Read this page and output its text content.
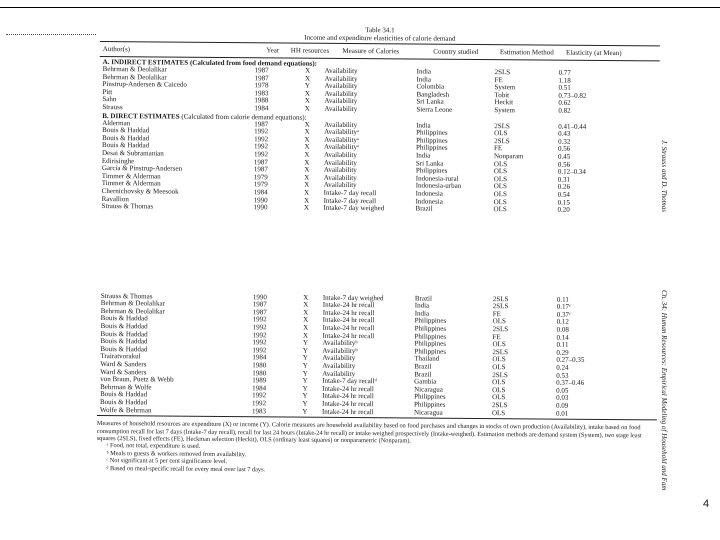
Table 34.1
Income and expenditure elasticities of calorie demand
Author(s)	Year	HH resources	Measure of Calories	Country studied	Estimation Method	Elasticity (at Mean)
A. INDIRECT ESTIMATES (Calculated from food demand equations):
Behrman & Deolalikar	1987	X	Availability	India	2SLS	0.77
Behrman & Deolalikar	1987	X	Availability	India	FE	1.18
Pinstrup-Andersen & Caicedo	1978	Y	Availability	Colombia	System	0.51
Pitt	1983	X	Availability	Bangladesh	Tobit	0.73–0.82
Sahn	1988	X	Availability	Sri Lanka	Heckit	0.62
Strauss	1984	X	Availability	Sierra Leone	System	0.82
B. DIRECT ESTIMATES (Calculated from calorie demand equations):
Alderman	1987	X	Availability	India	2SLS	0.41–0.44
Bouis & Haddad	1992	X	Availabilityᵃ	Philippines	OLS	0.43
Bouis & Haddad	1992	X	Availabilityᵃ	Philippines	2SLS	0.32
Bouis & Haddad	1992	X	Availabilityᵃ	Philippines	FE	0.56
Desai & Subramanian	1992	X	Availability	India	Nonparam	0.45
Edirisinghe	1987	X	Availability	Sri Lanka	OLS	0.56
Garcia & Pinstrup-Andersen	1987	X	Availability	Philippines	OLS	0.12–0.34
Timmer & Alderman	1979	X	Availability	Indonesia-rural	OLS	0.31
Timmer & Alderman	1979	X	Availability	Indonesia-urban	OLS	0.26
Chernichovsky & Meesook	1984	X	Intake-7 day recall	Indonesia	OLS	0.54
Ravallion	1990	X	Intake-7 day recall	Indonesia	OLS	0.15
Strauss & Thomas	1990	X	Intake-7 day weighed	Brazil	OLS	0.20
Strauss & Thomas	1990	X	Intake-7 day weighed	Brazil	2SLS	0.11
Behrman & Deolalikar	1987	X	Intake-24 hr recall	India	2SLS	0.17ᶜ
Behrman & Deolalikar	1987	X	Intake-24 hr recall	India	FE	0.37ᶜ
Bouis & Haddad	1992	X	Intake-24 hr recall	Philippines	OLS	0.12
Bouis & Haddad	1992	X	Intake-24 hr recall	Philippines	2SLS	0.08
Bouis & Haddad	1992	X	Intake-24 hr recall	Philippines	FE	0.14
Bouis & Haddad	1992	Y	Availabilityᵇ	Philippines	OLS	0.11
Bouis & Haddad	1992	Y	Availabilityᵇ	Philippines	2SLS	0.29
Trairatvorakul	1984	Y	Availability	Thailand	OLS	0.27–0.35
Ward & Sanders	1980	Y	Availability	Brazil	OLS	0.24
Ward & Sanders	1980	Y	Availability	Brazil	2SLS	0.53
von Braun, Puetz & Webb	1989	Y	Intake-7 day recallᵈ	Gambia	OLS	0.37–0.46
Behrman & Wolfe	1984	Y	Intake-24 hr recall	Nicaragua	OLS	0.05
Bouis & Haddad	1992	Y	Intake-24 hr recall	Philippines	OLS	0.03
Bouis & Haddad	1992	Y	Intake-24 hr recall	Philippines	2SLS	0.09
Wolfe & Behrman	1983	Y	Intake-24 hr recall	Nicaragua	OLS	0.01

Measures of household resources are expenditure (X) or income (Y). Calorie measures are household availability based on food purchases and changes in stocks of own production (Availability), intake based on food consumption recall for last 7 days (Intake-7 day recall), recall for last 24 hours (Intake-24 hr recall) or intake weighed prospectively (Intake-weighed). Estimation methods are demand system (System), two stage least squares (2SLS), fixed effects (FE), Heckman selection (Heckit), OLS (ordinary least squares) or nonparametric (Nonparam).

ᵃ Food, not total, expenditure is used.

ᵇ Meals to guests & workers removed from availability.

ᶜ Not significant at 5 per cent significance level.

ᵈ Based on meal-specific recall for every meal over last 7 days.

J. Strauss and D. Thomas
Ch. 34: Human Resources: Empirical Modeling of Household and Fam
4
